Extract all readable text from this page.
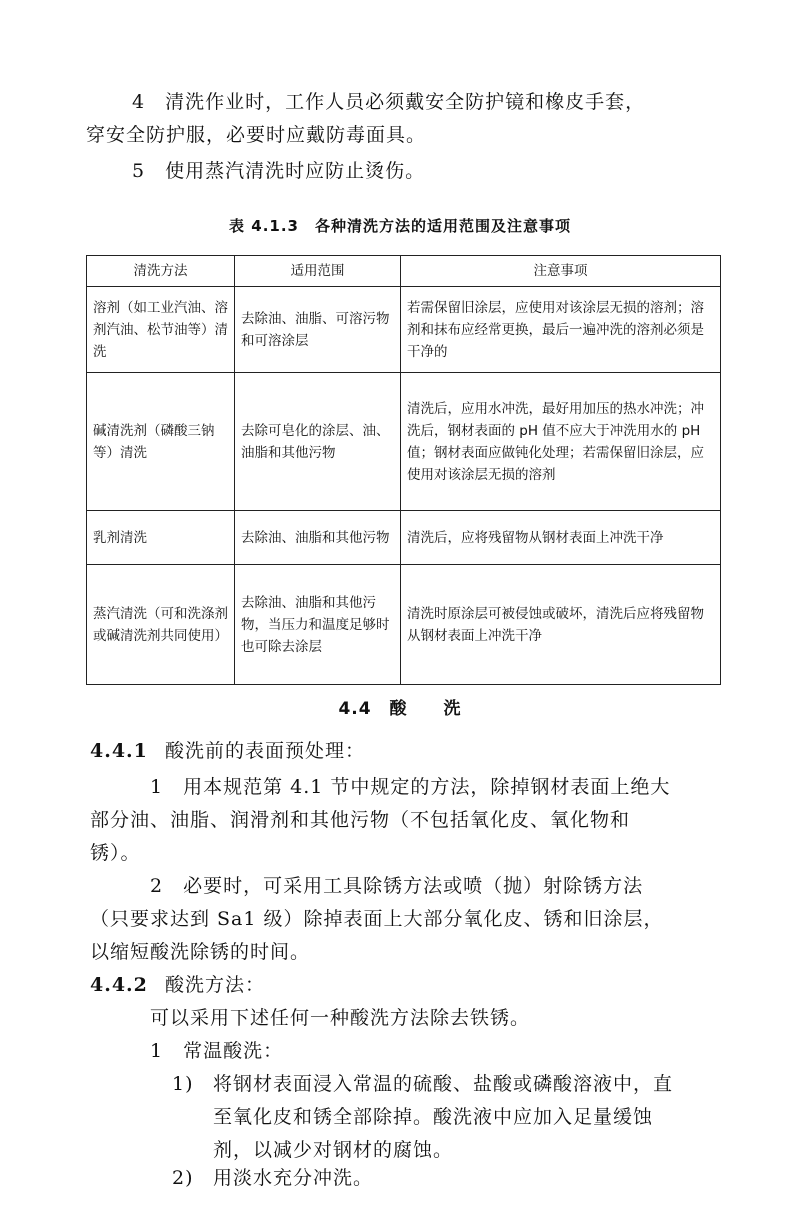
4　清洗作业时，工作人员必须戴安全防护镜和橡皮手套，
穿安全防护服，必要时应戴防毒面具。
5　使用蒸汽清洗时应防止烫伤。
表 4.1.3　各种清洗方法的适用范围及注意事项
清洗方法	适用范围	注意事项
溶剂（如工业汽油、溶剂汽油、松节油等）清洗	去除油、油脂、可溶污物和可溶涂层	若需保留旧涂层，应使用对该涂层无损的溶剂；溶剂和抹布应经常更换，最后一遍冲洗的溶剂必须是干净的
碱清洗剂（磷酸三钠等）清洗	去除可皂化的涂层、油、油脂和其他污物	清洗后，应用水冲洗，最好用加压的热水冲洗；冲洗后，钢材表面的 pH 值不应大于冲洗用水的 pH 值；钢材表面应做钝化处理；若需保留旧涂层，应使用对该涂层无损的溶剂
乳剂清洗	去除油、油脂和其他污物	清洗后，应将残留物从钢材表面上冲洗干净
蒸汽清洗（可和洗涤剂或碱清洗剂共同使用）	去除油、油脂和其他污物，当压力和温度足够时也可除去涂层	清洗时原涂层可被侵蚀或破坏，清洗后应将残留物从钢材表面上冲洗干净
4.4　酸　　洗
4.4.1 酸洗前的表面预处理：
1　用本规范第 4.1 节中规定的方法，除掉钢材表面上绝大
部分油、油脂、润滑剂和其他污物（不包括氧化皮、氧化物和
锈）。
2　必要时，可采用工具除锈方法或喷（抛）射除锈方法
（只要求达到 Sa1 级）除掉表面上大部分氧化皮、锈和旧涂层，
以缩短酸洗除锈的时间。
4.4.2 酸洗方法：
可以采用下述任何一种酸洗方法除去铁锈。
1　常温酸洗：
1) 将钢材表面浸入常温的硫酸、盐酸或磷酸溶液中，直
至氧化皮和锈全部除掉。酸洗液中应加入足量缓蚀
剂，以减少对钢材的腐蚀。
2) 用淡水充分冲洗。
